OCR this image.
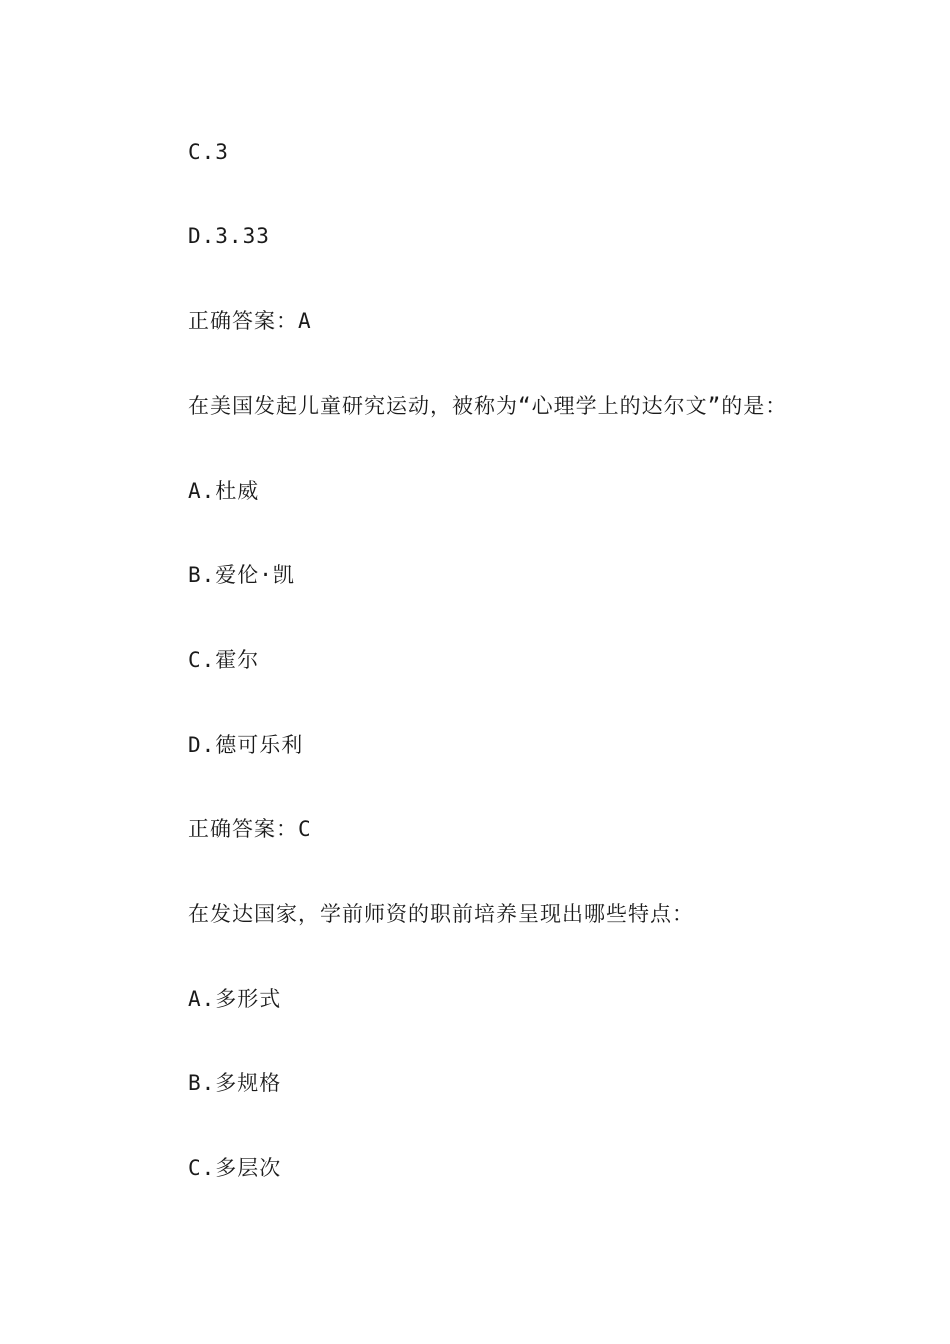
C.3
D.3.33
正确答案：A
在美国发起儿童研究运动，被称为“心理学上的达尔文”的是：
A.杜威
B.爱伦·凯
C.霍尔
D.德可乐利
正确答案：C
在发达国家，学前师资的职前培养呈现出哪些特点：
A.多形式
B.多规格
C.多层次
